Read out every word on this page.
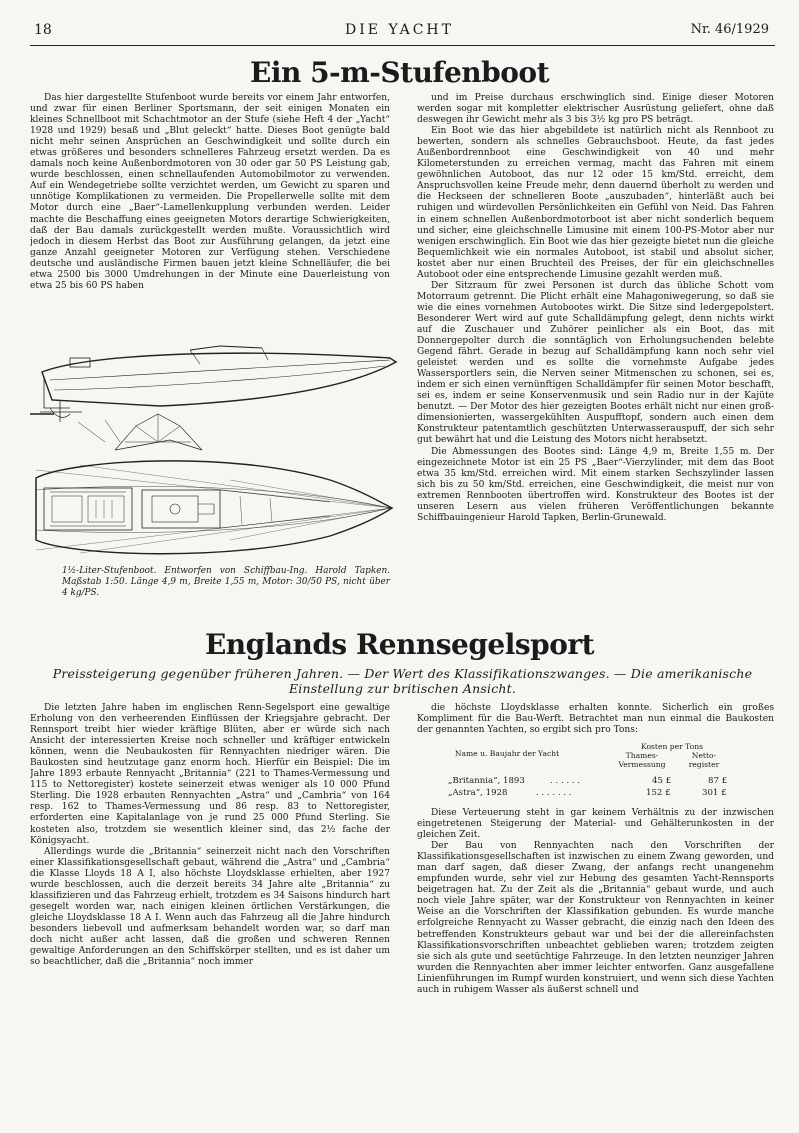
18	DIE YACHT	Nr. 46/1929
Ein 5-m-Stufenboot

Das hier dargestellte Stufenboot wurde bereits vor einem Jahr entworfen, und zwar für einen Berliner Sportsmann, der seit einigen Monaten ein kleines Schnellboot mit Schachtmotor an der Stufe (siehe Heft 4 der „Yacht“ 1928 und 1929) besaß und „Blut geleckt“ hatte. Dieses Boot genügte bald nicht mehr seinen Ansprüchen an Geschwindigkeit und sollte durch ein etwas größeres und besonders schnelleres Fahrzeug ersetzt werden. Da es damals noch keine Außenbordmotoren von 30 oder gar 50 PS Leistung gab, wurde beschlossen, einen schnellaufenden Automobilmotor zu verwenden. Auf ein Wendegetriebe sollte verzichtet werden, um Gewicht zu sparen und unnötige Komplikationen zu vermeiden. Die Propellerwelle sollte mit dem Motor durch eine „Baer“-Lamellenkupplung verbunden werden. Leider machte die Beschaffung eines geeigneten Motors derartige Schwierigkeiten, daß der Bau damals zurückgestellt werden mußte. Voraussichtlich wird jedoch in diesem Herbst das Boot zur Ausführung gelangen, da jetzt eine ganze Anzahl geeigneter Motoren zur Verfügung stehen. Verschiedene deutsche und ausländische Firmen bauen jetzt kleine Schnelläufer, die bei etwa 2500 bis 3000 Umdrehungen in der Minute eine Dauerleistung von etwa 25 bis 60 PS haben

und im Preise durchaus erschwinglich sind. Einige dieser Motoren werden sogar mit kompletter elektrischer Ausrüstung geliefert, ohne daß deswegen ihr Gewicht mehr als 3 bis 3½ kg pro PS beträgt.

Ein Boot wie das hier abgebildete ist natürlich nicht als Rennboot zu bewerten, sondern als schnelles Gebrauchsboot. Heute, da fast jedes Außenbordrennboot eine Geschwindigkeit von 40 und mehr Kilometerstunden zu erreichen vermag, macht das Fahren mit einem gewöhnlichen Autoboot, das nur 12 oder 15 km/Std. erreicht, dem Anspruchsvollen keine Freude mehr, denn dauernd überholt zu werden und die Heckseen der schnelleren Boote „auszubaden“, hinterläßt auch bei ruhigen und würdevollen Persönlichkeiten ein Gefühl von Neid. Das Fahren in einem schnellen Außenbordmotorboot ist aber nicht sonderlich bequem und sicher, eine gleichschnelle Limusine mit einem 100-PS-Motor aber nur wenigen erschwinglich. Ein Boot wie das hier gezeigte bietet nun die gleiche Bequemlichkeit wie ein normales Autoboot, ist stabil und absolut sicher, kostet aber nur einen Bruchteil des Preises, der für ein gleichschnelles Autoboot oder eine entsprechende Limusine gezahlt werden muß.

Der Sitzraum für zwei Personen ist durch das übliche Schott vom Motorraum getrennt. Die Plicht erhält eine Mahagoniwegerung, so daß sie wie die eines vornehmen Autobootes wirkt. Die Sitze sind ledergepolstert. Besonderer Wert wird auf gute Schalldämpfung gelegt, denn nichts wirkt auf die Zuschauer und Zuhörer peinlicher als ein Boot, das mit Donnergepolter durch die sonntäglich von Erholungsuchenden belebte Gegend fährt. Gerade in bezug auf Schalldämpfung kann noch sehr viel geleistet werden und es sollte die vornehmste Aufgabe jedes Wassersportlers sein, die Nerven seiner Mitmenschen zu schonen, sei es, indem er sich einen vernünftigen Schalldämpfer für seinen Motor beschafft, sei es, indem er seine Konservenmusik und sein Radio nur in der Kajüte benutzt. — Der Motor des hier gezeigten Bootes erhält nicht nur einen groß-dimensionierten, wassergekühlten Auspufftopf, sondern auch einen dem Konstrukteur patentamtlich geschützten Unterwasserauspuff, der sich sehr gut bewährt hat und die Leistung des Motors nicht herabsetzt.

Die Abmessungen des Bootes sind: Länge 4,9 m, Breite 1,55 m. Der eingezeichnete Motor ist ein 25 PS „Baer“-Vierzylinder, mit dem das Boot etwa 35 km/Std. erreichen wird. Mit einem starken Sechszylinder lassen sich bis zu 50 km/Std. erreichen, eine Geschwindigkeit, die meist nur von extremen Rennbooten übertroffen wird. Konstrukteur des Bootes ist der unseren Lesern aus vielen früheren Veröffentlichungen bekannte Schiffbauingenieur Harold Tapken, Berlin-Grunewald.

1½-Liter-Stufenboot. Entworfen von Schiffbau-Ing. Harold Tapken. Maßstab 1:50. Länge 4,9 m, Breite 1,55 m, Motor: 30/50 PS, nicht über 4 kg/PS.
Englands Rennsegelsport
Preissteigerung gegenüber früheren Jahren. — Der Wert des Klassifikationszwanges. — Die amerikanische Einstellung zur britischen Ansicht.

Die letzten Jahre haben im englischen Renn-Segelsport eine gewaltige Erholung von den verheerenden Einflüssen der Kriegsjahre gebracht. Der Rennsport treibt hier wieder kräftige Blüten, aber er würde sich nach Ansicht der interessierten Kreise noch schneller und kräftiger entwickeln können, wenn die Neubaukosten für Rennyachten niedriger wären. Die Baukosten sind heutzutage ganz enorm hoch. Hierfür ein Beispiel: Die im Jahre 1893 erbaute Rennyacht „Britannia“ (221 to Thames-Vermessung und 115 to Nettoregister) kostete seinerzeit etwas weniger als 10 000 Pfund Sterling. Die 1928 erbauten Rennyachten „Astra“ und „Cambria“ von 164 resp. 162 to Thames-Vermessung und 86 resp. 83 to Nettoregister, erforderten eine Kapitalanlage von je rund 25 000 Pfund Sterling. Sie kosteten also, trotzdem sie wesentlich kleiner sind, das 2½ fache der Königsyacht.

Allerdings wurde die „Britannia“ seinerzeit nicht nach den Vorschriften einer Klassifikationsgesellschaft gebaut, während die „Astra“ und „Cambria“ die Klasse Lloyds 18 A I, also höchste Lloydsklasse erhielten, aber 1927 wurde beschlossen, auch die derzeit bereits 34 Jahre alte „Britannia“ zu klassifizieren und das Fahrzeug erhielt, trotzdem es 34 Saisons hindurch hart gesegelt worden war, nach einigen kleinen örtlichen Verstärkungen, die gleiche Lloydsklasse 18 A I. Wenn auch das Fahrzeug all die Jahre hindurch besonders liebevoll und aufmerksam behandelt worden war, so darf man doch nicht außer acht lassen, daß die großen und schweren Rennen gewaltige Anforderungen an den Schiffskörper stellten, und es ist daher um so beachtlicher, daß die „Britannia“ noch immer

die höchste Lloydsklasse erhalten konnte. Sicherlich ein großes Kompliment für die Bau-Werft. Betrachtet man nun einmal die Baukosten der genannten Yachten, so ergibt sich pro Tons:

Name u. Baujahr der Yacht
Kosten per Tons
Thames-
Vermessung
Netto-
register
„Britannia“, 1893	. . . . . .	45 £	87 £
„Astra“, 1928	. . . . . . .	152 £	301 £

Diese Verteuerung steht in gar keinem Verhältnis zu der inzwischen eingetretenen Steigerung der Material- und Gehälterunkosten in der gleichen Zeit.

Der Bau von Rennyachten nach den Vorschriften der Klassifikationsgesellschaften ist inzwischen zu einem Zwang geworden, und man darf sagen, daß dieser Zwang, der anfangs recht unangenehm empfunden wurde, sehr viel zur Hebung des gesamten Yacht-Rennsports beigetragen hat. Zu der Zeit als die „Britannia“ gebaut wurde, und auch noch viele Jahre später, war der Konstrukteur von Rennyachten in keiner Weise an die Vorschriften der Klassifikation gebunden. Es wurde manche erfolgreiche Rennyacht zu Wasser gebracht, die einzig nach den Ideen des betreffenden Konstrukteurs gebaut war und bei der die allereinfachsten Klassifikationsvorschriften unbeachtet geblieben waren; trotzdem zeigten sie sich als gute und seetüchtige Fahrzeuge. In den letzten neunziger Jahren wurden die Rennyachten aber immer leichter entworfen. Ganz ausgefallene Linienführungen im Rumpf wurden konstruiert, und wenn sich diese Yachten auch in ruhigem Wasser als äußerst schnell und
